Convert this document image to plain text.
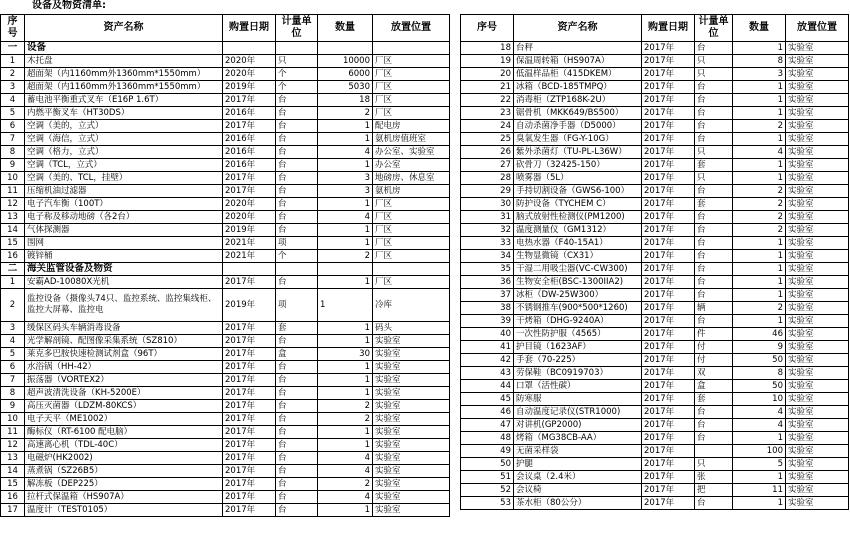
设备及物资清单:
序号	资产名称	购置日期	计量单位	数量	放置位置
一	设备				
1	木托盘	2020年	只	10000	厂区
2	超面架（内1160mm外1360mm*1550mm）	2020年	个	6000	厂区
3	超面架（内1160mm外1360mm*1550mm）	2019年	个	5030	厂区
4	蓄电池平衡重式叉车（E16P 1.6T）	2017年	台	18	厂区
5	内燃平衡叉车（HT30DS）	2016年	台	2	厂区
6	空调（美的，立式）	2017年	台	1	配电房
7	空调（海信，立式）	2016年	台	1	氨机房值班室
8	空调（格力，立式）	2016年	台	4	办公室、实验室
9	空调（TCL，立式）	2016年	台	1	办公室
10	空调（美的、TCL，挂壁）	2017年	台	3	地磅房、休息室
11	压缩机油过滤器	2017年	台	3	氨机房
12	电子汽车衡（100T）	2020年	台	1	厂区
13	电子称及移动地磅（各2台）	2020年	台	4	厂区
14	气体探测器	2019年	台	1	厂区
15	围网	2021年	项	1	厂区
16	镀锌桶	2021年	个	2	厂区
二	海关监管设备及物资				
1	安霸AD-10080X光机	2017年	台	1	厂区
2	监控设备（摄像头74只、监控系统、监控集线柜、监控大屏幕、监控电	2019年	项	1	冷库
3	缓保区码头车辆消毒设备	2017年	套	1	码头
4	光学解剖镜、配图像采集系统（SZ810）	2017年	台	1	实验室
5	莱克多巴胺快速检测试剂盒（96T）	2017年	盒	30	实验室
6	水浴锅（HH-42）	2017年	台	1	实验室
7	振荡器（VORTEX2）	2017年	台	1	实验室
8	超声波清洗设备（KH-5200E）	2017年	台	1	实验室
9	高压灭菌器（LDZM-80KCS）	2017年	台	2	实验室
10	电子天平（ME1002）	2017年	台	2	实验室
11	酶标仪（RT-6100 配电脑）	2017年	台	1	实验室
12	高速离心机（TDL-40C）	2017年	台	1	实验室
13	电磁炉(HK2002)	2017年	台	4	实验室
14	蒸煮锅（SZ26B5）	2017年	台	4	实验室
15	解冻板（DEP225）	2017年	台	2	实验室
16	拉杆式保温箱（HS907A）	2017年	台	4	实验室
17	温度计（TEST0105）	2017年	台	1	实验室
序号	资产名称	购置日期	计量单位	数量	放置位置
18	台秤	2017年	台	1	实验室
19	保温周转箱（HS907A）	2017年	只	8	实验室
20	低温样品柜（415DKEM）	2017年	只	3	实验室
21	冰箱（BCD-185TMPQ）	2017年	台	1	实验室
22	消毒柜（ZTP168K-2U）	2017年	台	1	实验室
23	锯骨机（MKK649/BS500）	2017年	台	1	实验室
24	自动杀菌净手器（D5000）	2017年	台	2	实验室
25	臭氧发生器（FG-Y-10G）	2017年	台	1	实验室
26	紫外杀菌灯（TU-PL-L36W）	2017年	只	4	实验室
27	砍骨刀（32425-150）	2017年	套	1	实验室
28	喷雾器（5L）	2017年	只	1	实验室
29	手持切割设备（GWS6-100）	2017年	台	2	实验室
30	防护设备（TYCHEM C）	2017年	套	2	实验室
31	脑式放射性检测仪(PM1200)	2017年	台	2	实验室
32	温度测量仪（GM1312）	2017年	台	2	实验室
33	电热水器（F40-15A1）	2017年	台	1	实验室
34	生物显微镜（CX31）	2017年	台	1	实验室
35	干湿二用吸尘器(VC-CW300)	2017年	台	1	实验室
36	生物安全柜(BSC-1300IIA2)	2017年	台	1	实验室
37	冰柜（DW-25W300）	2017年	台	1	实验室
38	不锈钢推车(900*500*1260)	2017年	辆	2	实验室
39	干烤箱（DHG-9240A）	2017年	台	1	实验室
40	一次性防护服（4565）	2017年	件	46	实验室
41	护目镜（1623AF）	2017年	付	9	实验室
42	手套（70-225）	2017年	付	50	实验室
43	劳保鞋（BC0919703）	2017年	双	8	实验室
44	口罩（活性碳）	2017年	盒	50	实验室
45	防寒服	2017年	套	10	实验室
46	自动温度记录仪(STR1000)	2017年	台	4	实验室
47	对讲机(GP2000)	2017年	台	4	实验室
48	烤箱（MG38CB-AA）	2017年	台	1	实验室
49	无菌采样袋	2017年		100	实验室
50	护腿	2017年	只	5	实验室
51	会议桌（2.4米）	2017年	张	1	实验室
52	会议椅	2017年	把	11	实验室
53	茶水柜（80公分）	2017年	台	1	实验室
